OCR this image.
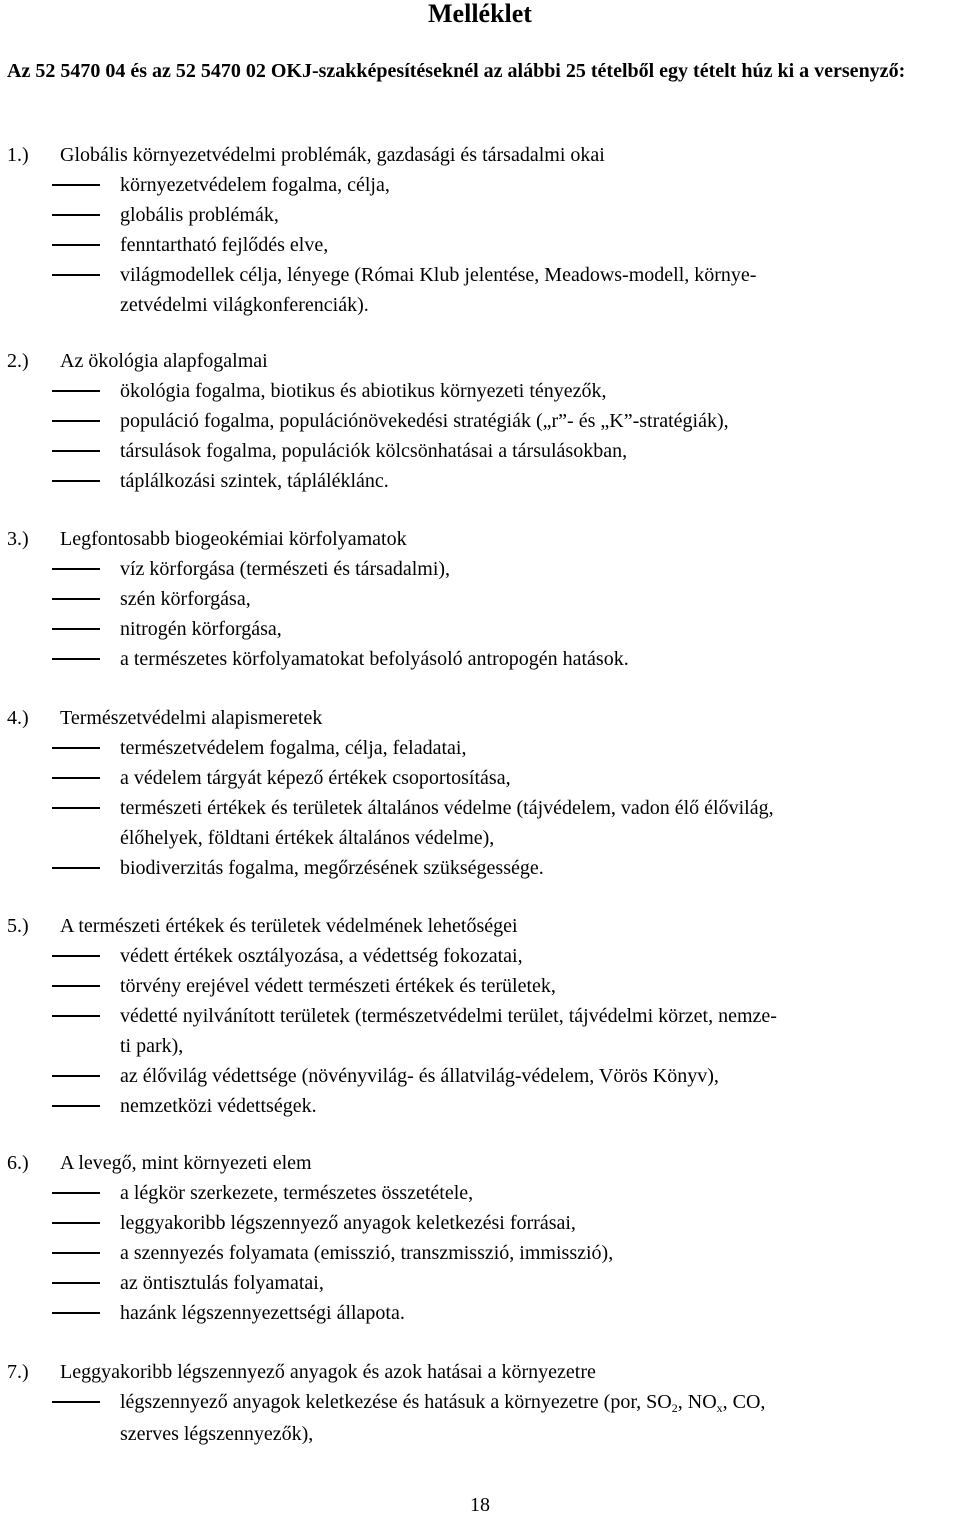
Melléklet
Az 52 5470 04 és az 52 5470 02 OKJ-szakképesítéseknél az alábbi 25 tételből egy tételt húz ki a versenyző:
1.) Globális környezetvédelmi problémák, gazdasági és társadalmi okai
környezetvédelem fogalma, célja,
globális problémák,
fenntartható fejlődés elve,
világmodellek célja, lényege (Római Klub jelentése, Meadows-modell, környe-
zetvédelmi világkonferenciák).
2.) Az ökológia alapfogalmai
ökológia fogalma, biotikus és abiotikus környezeti tényezők,
populáció fogalma, populációnövekedési stratégiák („r”- és „K”-stratégiák),
társulások fogalma, populációk kölcsönhatásai a társulásokban,
táplálkozási szintek, tápláléklánc.
3.) Legfontosabb biogeokémiai körfolyamatok
víz körforgása (természeti és társadalmi),
szén körforgása,
nitrogén körforgása,
a természetes körfolyamatokat befolyásoló antropogén hatások.
4.) Természetvédelmi alapismeretek
természetvédelem fogalma, célja, feladatai,
a védelem tárgyát képező értékek csoportosítása,
természeti értékek és területek általános védelme (tájvédelem, vadon élő élővilág,
élőhelyek, földtani értékek általános védelme),
biodiverzitás fogalma, megőrzésének szükségessége.
5.) A természeti értékek és területek védelmének lehetőségei
védett értékek osztályozása, a védettség fokozatai,
törvény erejével védett természeti értékek és területek,
védetté nyilvánított területek (természetvédelmi terület, tájvédelmi körzet, nemze-
ti park),
az élővilág védettsége (növényvilág- és állatvilág-védelem, Vörös Könyv),
nemzetközi védettségek.
6.) A levegő, mint környezeti elem
a légkör szerkezete, természetes összetétele,
leggyakoribb légszennyező anyagok keletkezési forrásai,
a szennyezés folyamata (emisszió, transzmisszió, immisszió),
az öntisztulás folyamatai,
hazánk légszennyezettségi állapota.
7.) Leggyakoribb légszennyező anyagok és azok hatásai a környezetre
légszennyező anyagok keletkezése és hatásuk a környezetre (por, $SO_2$, $NO_x$, CO,
szerves légszennyezők),
18
